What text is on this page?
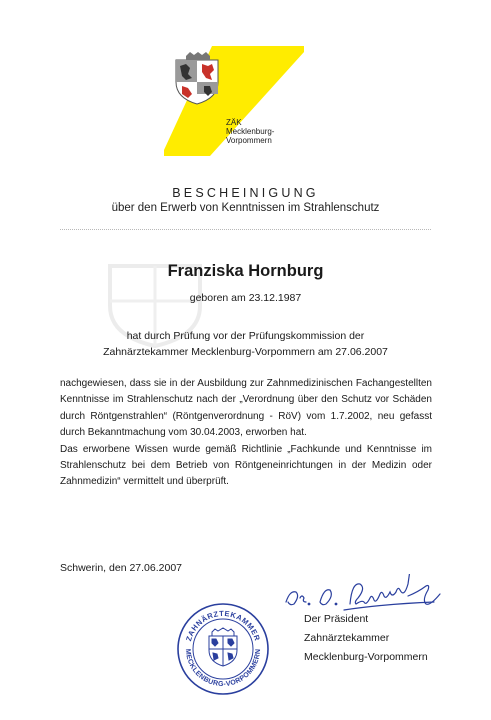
ZÄK
Mecklenburg-
Vorpommern
BESCHEINIGUNG
über den Erwerb von Kenntnissen im Strahlenschutz
Franziska Hornburg
geboren am 23.12.1987
hat durch Prüfung vor der Prüfungskommission der
Zahnärztekammer Mecklenburg-Vorpommern am 27.06.2007

nachgewiesen, dass sie in der Ausbildung zur Zahnmedizinischen Fachangestellten

Kenntnisse im Strahlenschutz nach der „Verordnung über den Schutz vor Schäden

durch Röntgenstrahlen“ (Röntgenverordnung - RöV) vom 1.7.2002, neu gefasst

durch Bekanntmachung vom 30.04.2003, erworben hat.

Das erworbene Wissen wurde gemäß Richtlinie „Fachkunde und Kenntnisse im

Strahlenschutz bei dem Betrieb von Röntgeneinrichtungen in der Medizin oder

Zahnmedizin“ vermittelt und überprüft.

Schwerin, den 27.06.2007
Der Präsident
Zahnärztekammer
Mecklenburg-Vorpommern
ZAHNÄRZTEKAMMER
MECKLENBURG-VORPOMMERN
